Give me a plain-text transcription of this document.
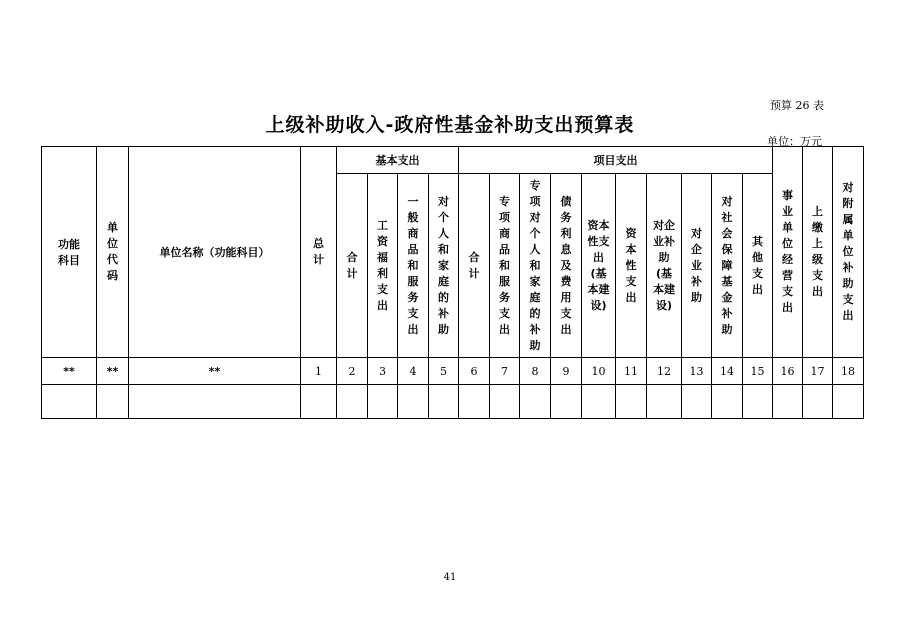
预算 26 表
上级补助收入-政府性基金补助支出预算表
单位：万元
功能科目	单位代码	单位名称（功能科目）	总计	基本支出				项目支出										事业单位经营支出	上缴上级支出	对附属单位补助支出
				合计	工资福利支出	一般商品和服务支出	对个人和家庭的补助	合计	专项商品和服务支出	专项对个人和家庭的补助	债务利息及费用支出	资本性支出(基本建设)	资本性支出	对企业补助(基本建设)	对企业补助	对社会保障基金补助	其他支出			
**	**	**	1	2	3	4	5	6	7	8	9	10	11	12	13	14	15	16	17	18

41
